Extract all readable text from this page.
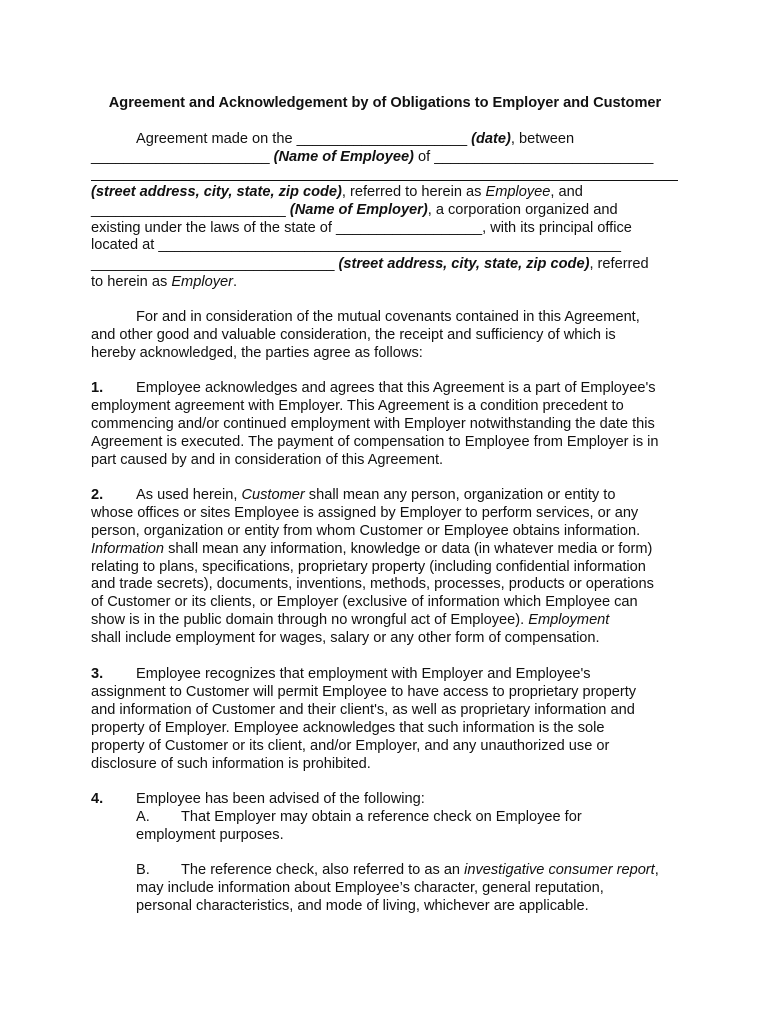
Agreement and Acknowledgement by of Obligations to Employer and Customer

Agreement made on the _____________________ (date), between

______________________ (Name of Employee) of ___________________________

(street address, city, state, zip code), referred to herein as Employee, and

________________________ (Name of Employer), a corporation organized and

existing under the laws of the state of __________________, with its principal office

located at _________________________________________________________

______________________________ (street address, city, state, zip code), referred

to herein as Employer.

For and in consideration of the mutual covenants contained in this Agreement,

and other good and valuable consideration, the receipt and sufficiency of which is

hereby acknowledged, the parties agree as follows:

1. Employee acknowledges and agrees that this Agreement is a part of Employee's

employment agreement with Employer. This Agreement is a condition precedent to

commencing and/or continued employment with Employer notwithstanding the date this

Agreement is executed. The payment of compensation to Employee from Employer is in

part caused by and in consideration of this Agreement.

2. As used herein, Customer shall mean any person, organization or entity to

whose offices or sites Employee is assigned by Employer to perform services, or any

person, organization or entity from whom Customer or Employee obtains information.

Information shall mean any information, knowledge or data (in whatever media or form)

relating to plans, specifications, proprietary property (including confidential information

and trade secrets), documents, inventions, methods, processes, products or operations

of Customer or its clients, or Employer (exclusive of information which Employee can

show is in the public domain through no wrongful act of Employee). Employment

shall include employment for wages, salary or any other form of compensation.

3. Employee recognizes that employment with Employer and Employee's

assignment to Customer will permit Employee to have access to proprietary property

and information of Customer and their client's, as well as proprietary information and

property of Employer. Employee acknowledges that such information is the sole

property of Customer or its client, and/or Employer, and any unauthorized use or

disclosure of such information is prohibited.

4. Employee has been advised of the following:

A. That Employer may obtain a reference check on Employee for

employment purposes.

B. The reference check, also referred to as an investigative consumer report,

may include information about Employee’s character, general reputation,

personal characteristics, and mode of living, whichever are applicable.
